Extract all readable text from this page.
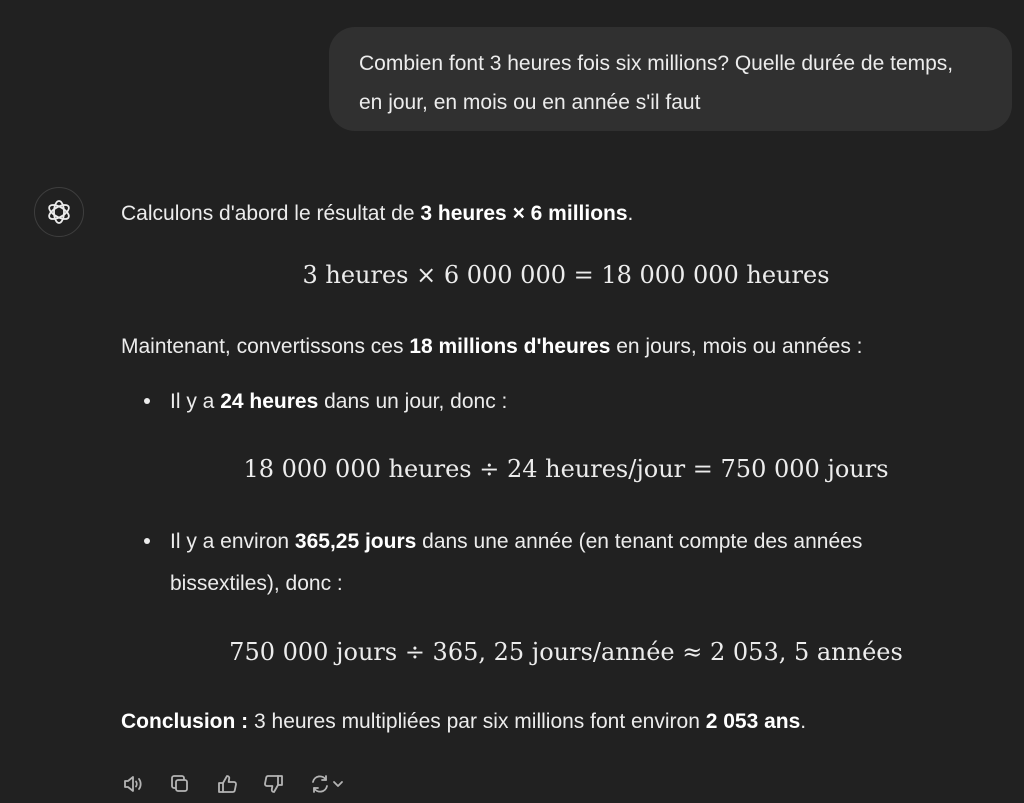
Combien font 3 heures fois six millions? Quelle durée de temps, en jour, en mois ou en année s'il faut
Calculons d'abord le résultat de 3 heures × 6 millions.
3 heures × 6 000 000 = 18 000 000 heures
Maintenant, convertissons ces 18 millions d'heures en jours, mois ou années :
Il y a 24 heures dans un jour, donc :
18 000 000 heures ÷ 24 heures/jour = 750 000 jours
Il y a environ 365,25 jours dans une année (en tenant compte des années
bissextiles), donc :
750 000 jours ÷ 365, 25 jours/année ≈ 2 053, 5 années
Conclusion : 3 heures multipliées par six millions font environ 2 053 ans.
